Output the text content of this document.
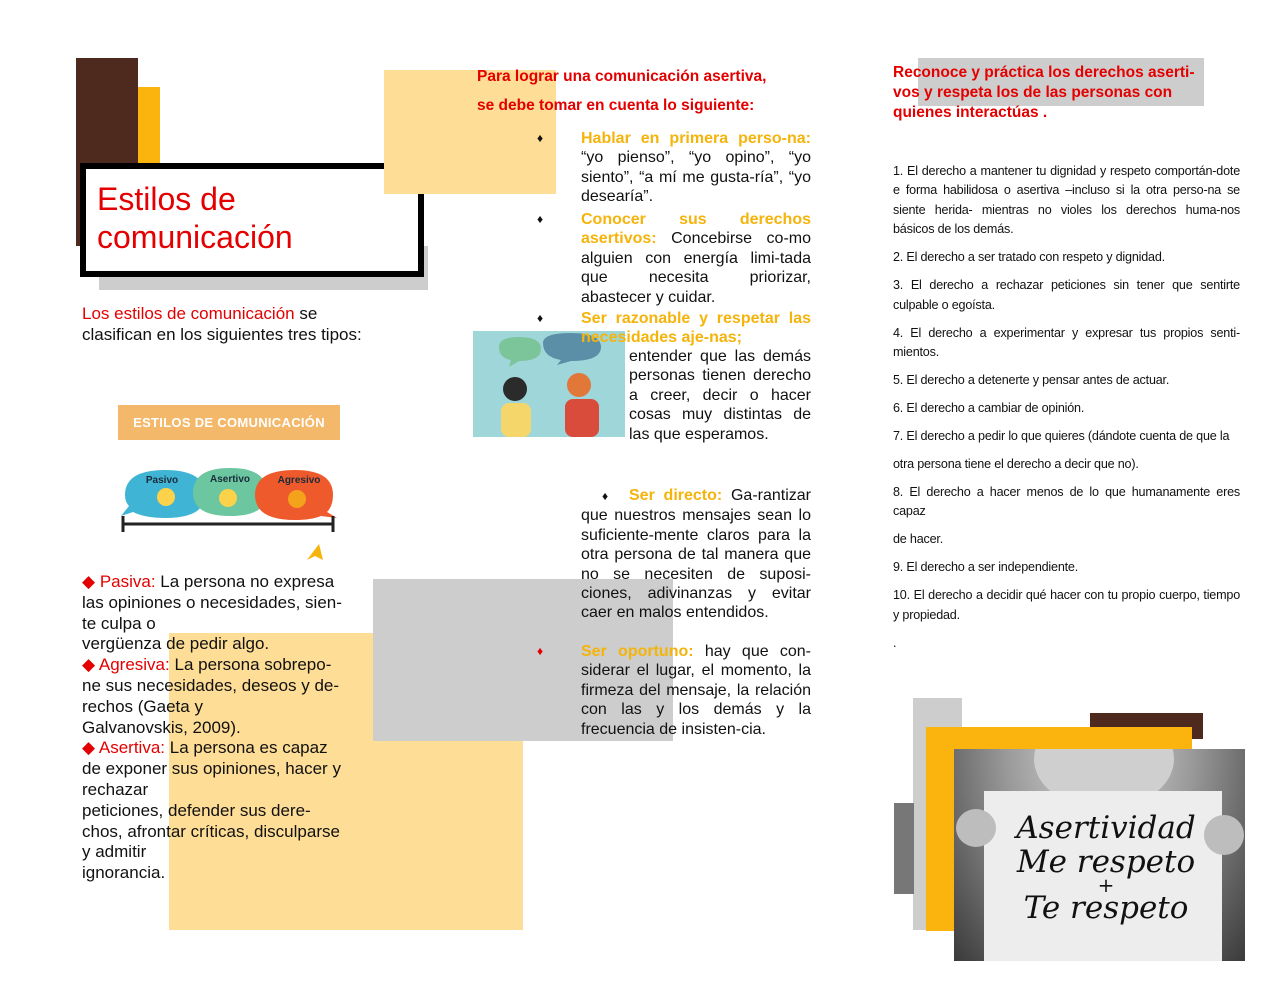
Estilos de
comunicación
Los estilos de comunicación se clasifican en los siguientes tres tipos:
ESTILOS DE COMUNICACIÓN
Pasivo	Asertivo	Agresivo
◆ Pasiva: La persona no expresa
las opiniones o necesidades, sien-
te culpa o
vergüenza de pedir algo.
◆ Agresiva: La persona sobrepo-
ne sus necesidades, deseos y de-
rechos (Gaeta y
Galvanovskis, 2009).
◆ Asertiva: La persona es capaz
de exponer sus opiniones, hacer y
rechazar
peticiones, defender sus dere-
chos, afrontar críticas, disculparse
y admitir
ignorancia.
Para lograr una comunicación asertiva,
se debe tomar en cuenta lo siguiente:
♦ Hablar en primera perso-na: “yo pienso”, “yo opino”, “yo siento”, “a mí me gusta-ría”, “yo desearía”.
♦ Conocer sus derechos asertivos: Concebirse co-mo alguien con energía limi-tada que necesita priorizar, abastecer y cuidar.
♦ Ser razonable y respetar las necesidades aje-nas;
entender que las demás personas tienen derecho a creer, decir o hacer cosas muy distintas de las que esperamos.
♦ Ser directo: Ga-rantizar que nuestros mensajes sean lo suficiente-mente claros para la otra persona de tal manera que no se necesiten de suposi-ciones, adivinanzas y evitar caer en malos entendidos.
♦ Ser oportuno: hay que con-siderar el lugar, el momento, la firmeza del mensaje, la relación con las y los demás y la frecuencia de insisten-cia.
Reconoce y práctica los derechos aserti-
vos y respeta los de las personas con
quienes interactúas .

1. El derecho a mantener tu dignidad y respeto comportán-dote e forma habilidosa o asertiva –incluso si la otra perso-na se siente herida- mientras no violes los derechos huma-nos básicos de los demás.

2. El derecho a ser tratado con respeto y dignidad.

3. El derecho a rechazar peticiones sin tener que sentirte culpable o egoísta.

4. El derecho a experimentar y expresar tus propios senti-mientos.

5. El derecho a detenerte y pensar antes de actuar.

6. El derecho a cambiar de opinión.

7. El derecho a pedir lo que quieres (dándote cuenta de que la

otra persona tiene el derecho a decir que no).

8. El derecho a hacer menos de lo que humanamente eres capaz

de hacer.

9. El derecho a ser independiente.

10. El derecho a decidir qué hacer con tu propio cuerpo, tiempo y propiedad.

.

Asertividad
Me respeto
+
Te respeto
